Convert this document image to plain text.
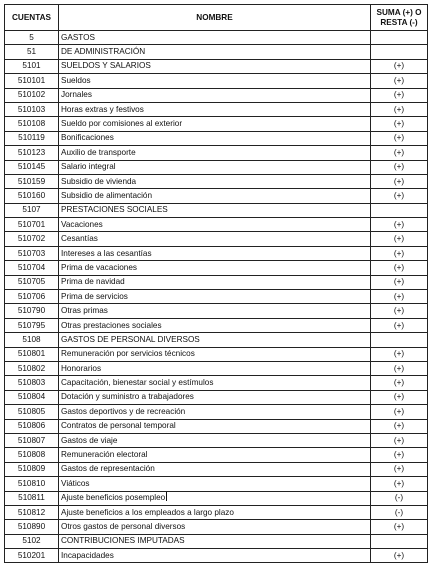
CUENTAS	NOMBRE	SUMA (+) O
RESTA (-)
5	GASTOS	
51	DE ADMINISTRACIÓN	
5101	SUELDOS Y SALARIOS	(+)
510101	Sueldos	(+)
510102	Jornales	(+)
510103	Horas extras y festivos	(+)
510108	Sueldo por comisiones al exterior	(+)
510119	Bonificaciones	(+)
510123	Auxilio de transporte	(+)
510145	Salario integral	(+)
510159	Subsidio de vivienda	(+)
510160	Subsidio de alimentación	(+)
5107	PRESTACIONES SOCIALES	
510701	Vacaciones	(+)
510702	Cesantías	(+)
510703	Intereses a las cesantías	(+)
510704	Prima de vacaciones	(+)
510705	Prima de navidad	(+)
510706	Prima de servicios	(+)
510790	Otras primas	(+)
510795	Otras prestaciones sociales	(+)
5108	GASTOS DE PERSONAL DIVERSOS	
510801	Remuneración por servicios técnicos	(+)
510802	Honorarios	(+)
510803	Capacitación, bienestar social y estímulos	(+)
510804	Dotación y suministro a trabajadores	(+)
510805	Gastos deportivos y de recreación	(+)
510806	Contratos de personal temporal	(+)
510807	Gastos de viaje	(+)
510808	Remuneración electoral	(+)
510809	Gastos de representación	(+)
510810	Viáticos	(+)
510811	Ajuste beneficios posempleo	(-)
510812	Ajuste beneficios a los empleados a largo plazo	(-)
510890	Otros gastos de personal diversos	(+)
5102	CONTRIBUCIONES IMPUTADAS	
510201	Incapacidades	(+)
